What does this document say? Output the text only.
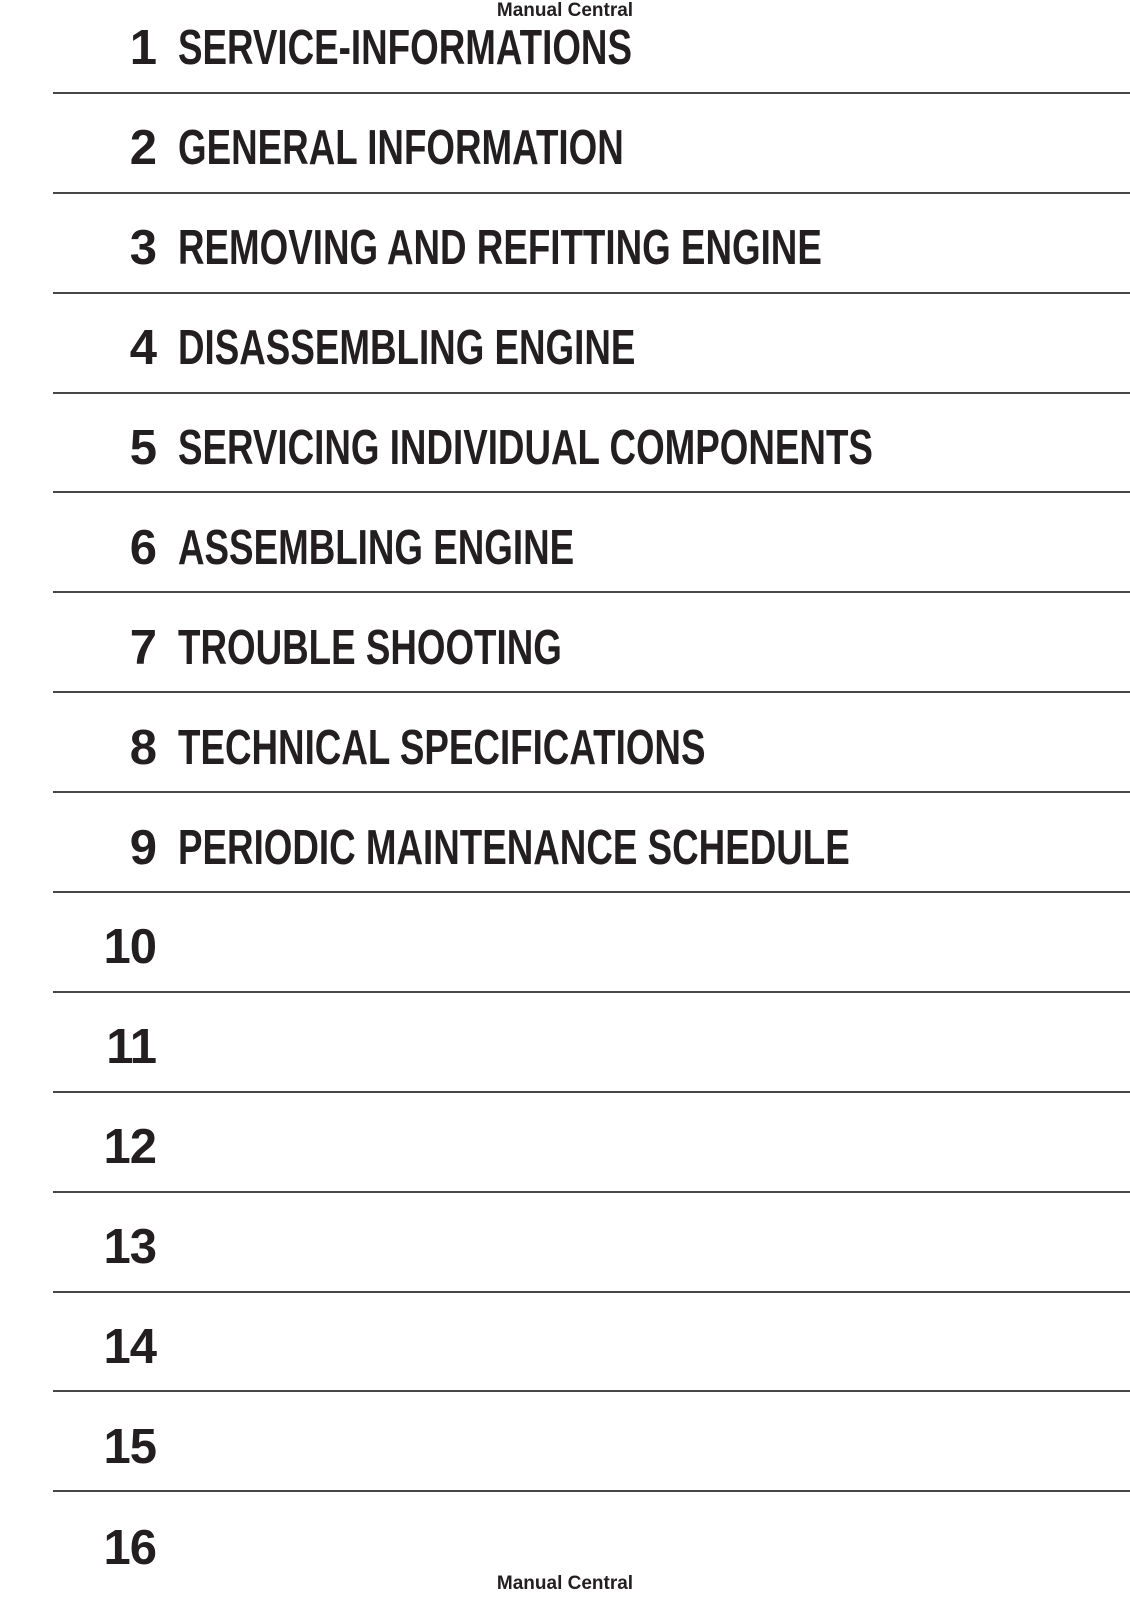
Manual Central
1 SERVICE-INFORMATIONS
2 GENERAL INFORMATION
3 REMOVING AND REFITTING ENGINE
4 DISASSEMBLING ENGINE
5 SERVICING INDIVIDUAL COMPONENTS
6 ASSEMBLING ENGINE
7 TROUBLE SHOOTING
8 TECHNICAL SPECIFICATIONS
9 PERIODIC MAINTENANCE SCHEDULE
10
11
12
13
14
15
16
Manual Central
